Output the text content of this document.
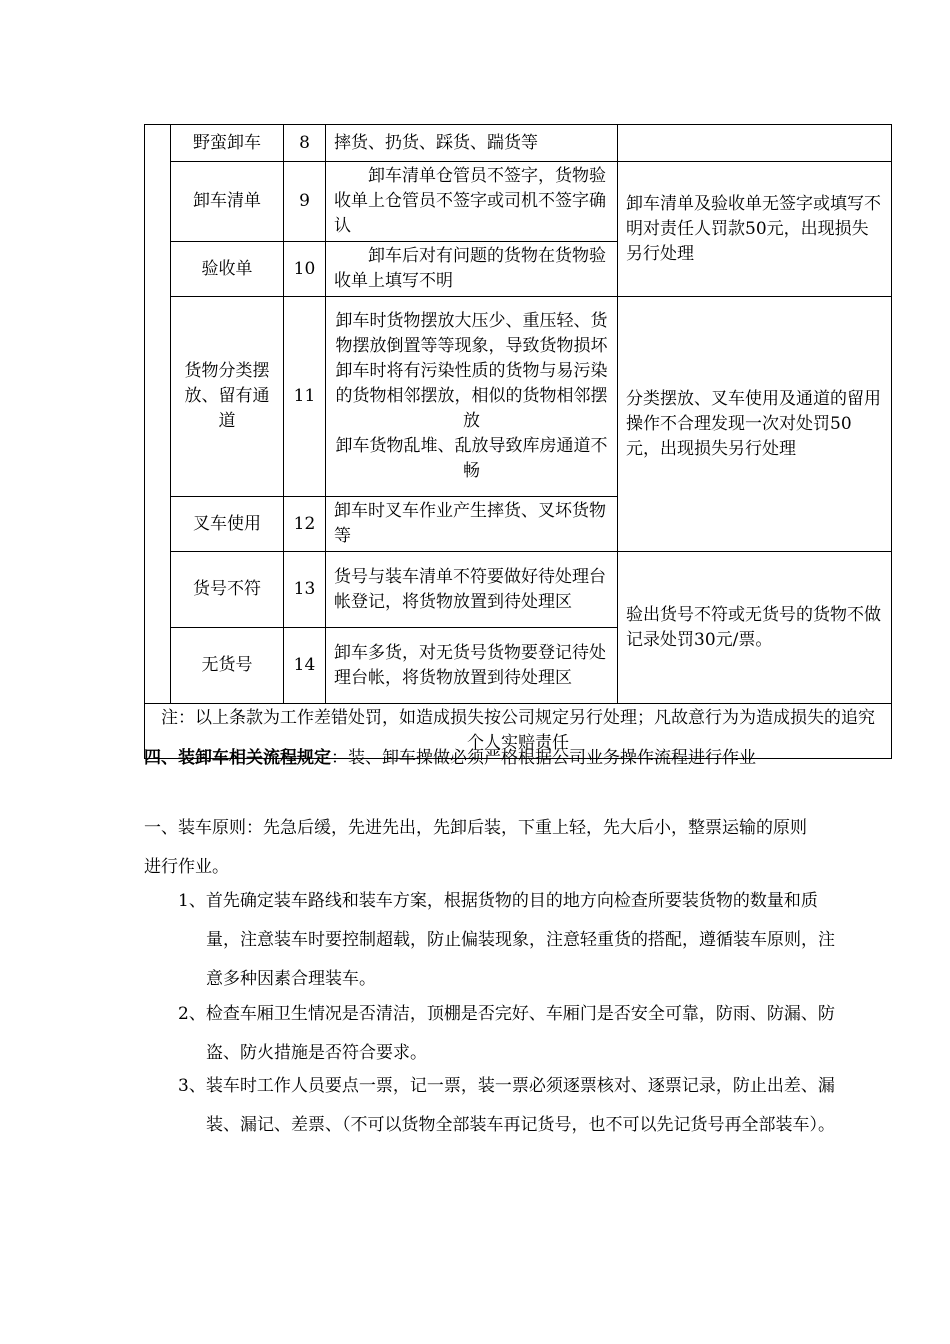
	野蛮卸车	8	摔货、扔货、踩货、踹货等	

	卸车清单	9	卸车清单仓管员不签字，货物验收单上仓管员不签字或司机不签字确认	卸车清单及验收单无签字或填写不明对责任人罚款50元，出现损失另行处理
	验收单	10	卸车后对有问题的货物在货物验收单上填写不明	
	货物分类摆放、留有通道	11	卸车时货物摆放大压少、重压轻、货物摆放倒置等等现象，导致货物损坏
卸车时将有污染性质的货物与易污染的货物相邻摆放，相似的货物相邻摆放
卸车货物乱堆、乱放导致库房通道不畅	分类摆放、叉车使用及通道的留用操作不合理发现一次对处罚50元，出现损失另行处理
	叉车使用	12	卸车时叉车作业产生摔货、叉坏货物等	
	货号不符	13	货号与装车清单不符要做好待处理台帐登记，将货物放置到待处理区	验出货号不符或无货号的货物不做记录处罚30元/票。
	无货号	14	卸车多货，对无货号货物要登记待处理台帐，将货物放置到待处理区	
注：以上条款为工作差错处罚，如造成损失按公司规定另行处理；凡故意行为为造成损失的追究个人实赔责任				
四、装卸车相关流程规定：装、卸车操做必须严格根据公司业务操作流程进行作业
一、装车原则：先急后缓，先进先出，先卸后装，下重上轻，先大后小，整票运输的原则进行作业。
1、首先确定装车路线和装车方案，根据货物的目的地方向检查所要装货物的数量和质量，注意装车时要控制超载，防止偏装现象，注意轻重货的搭配，遵循装车原则，注意多种因素合理装车。
2、检查车厢卫生情况是否清洁，顶棚是否完好、车厢门是否安全可靠，防雨、防漏、防盗、防火措施是否符合要求。
3、装车时工作人员要点一票，记一票，装一票必须逐票核对、逐票记录，防止出差、漏装、漏记、差票、（不可以货物全部装车再记货号，也不可以先记货号再全部装车）。
